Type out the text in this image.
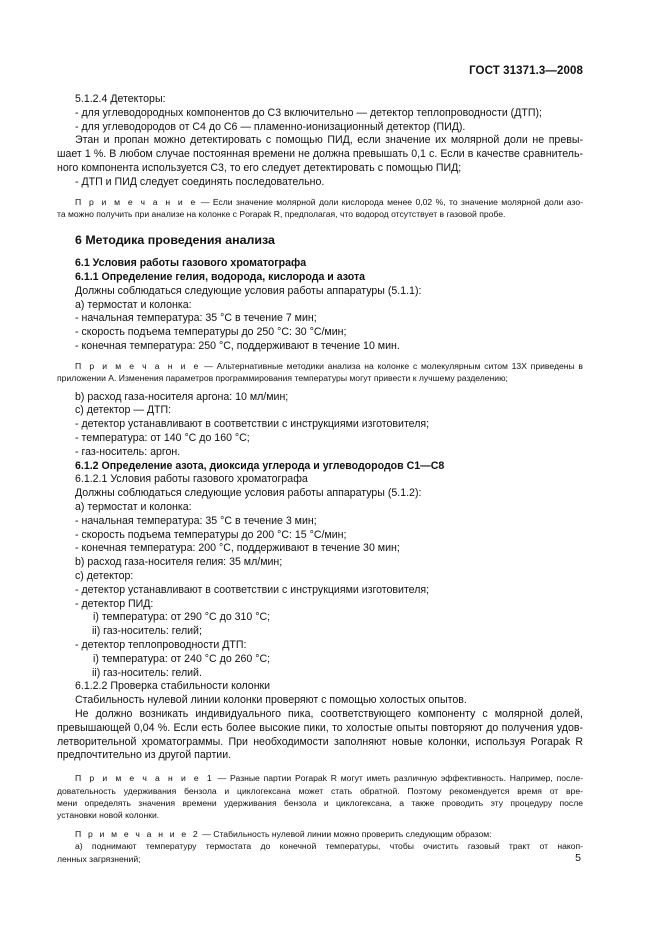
ГОСТ 31371.3—2008
5.1.2.4 Детекторы:
- для углеводородных компонентов до С3 включительно — детектор теплопроводности (ДТП);
- для углеводородов от С4 до С6 — пламенно-ионизационный детектор (ПИД).
Этан и пропан можно детектировать с помощью ПИД, если значение их молярной доли не превы-
шает 1 %. В любом случае постоянная времени не должна превышать 0,1 с. Если в качестве сравнитель-
ного компонента используется С3, то его следует детектировать с помощью ПИД;
- ДТП и ПИД следует соединять последовательно.
П р и м е ч а н и е — Если значение молярной доли кислорода менее 0,02 %, то значение молярной доли азо-
та можно получить при анализе на колонке с Porapak R, предполагая, что водород отсутствует в газовой пробе.
6 Методика проведения анализа
6.1 Условия работы газового хроматографа
6.1.1 Определение гелия, водорода, кислорода и азота
Должны соблюдаться следующие условия работы аппаратуры (5.1.1):
a) термостат и колонка:
- начальная температура: 35 °С в течение 7 мин;
- скорость подъема температуры до 250 °С: 30 °С/мин;
- конечная температура: 250 °С, поддерживают в течение 10 мин.
П р и м е ч а н и е — Альтернативные методики анализа на колонке с молекулярным ситом 13Х приведены в
приложении А. Изменения параметров программирования температуры могут привести к лучшему разделению;
b) расход газа-носителя аргона: 10 мл/мин;
c) детектор — ДТП:
- детектор устанавливают в соответствии с инструкциями изготовителя;
- температура: от 140 °С до 160 °С;
- газ-носитель: аргон.
6.1.2 Определение азота, диоксида углерода и углеводородов С1—С8
6.1.2.1 Условия работы газового хроматографа
Должны соблюдаться следующие условия работы аппаратуры (5.1.2):
a) термостат и колонка:
- начальная температура: 35 °С в течение 3 мин;
- скорость подъема температуры до 200 °С: 15 °С/мин;
- конечная температура: 200 °С, поддерживают в течение 30 мин;
b) расход газа-носителя гелия: 35 мл/мин;
c) детектор:
- детектор устанавливают в соответствии с инструкциями изготовителя;
- детектор ПИД:
i) температура: от 290 °С до 310 °С;
ii) газ-носитель: гелий;
- детектор теплопроводности ДТП:
i) температура: от 240 °С до 260 °С;
ii) газ-носитель: гелий.
6.1.2.2 Проверка стабильности колонки
Стабильность нулевой линии колонки проверяют с помощью холостых опытов.
Не должно возникать индивидуального пика, соответствующего компоненту с молярной долей,
превышающей 0,04 %. Если есть более высокие пики, то холостые опыты повторяют до получения удов-
летворительной хроматограммы. При необходимости заполняют новые колонки, используя Porapak R
предпочтительно из другой партии.
П р и м е ч а н и е 1 — Разные партии Porapak R могут иметь различную эффективность. Например, после-
довательность удерживания бензола и циклогексана может стать обратной. Поэтому рекомендуется время от вре-
мени определять значения времени удерживания бензола и циклогексана, а также проводить эту процедуру после
установки новой колонки.
П р и м е ч а н и е 2 — Стабильность нулевой линии можно проверить следующим образом:
a) поднимают температуру термостата до конечной температуры, чтобы очистить газовый тракт от накоп-
ленных загрязнений;	5
